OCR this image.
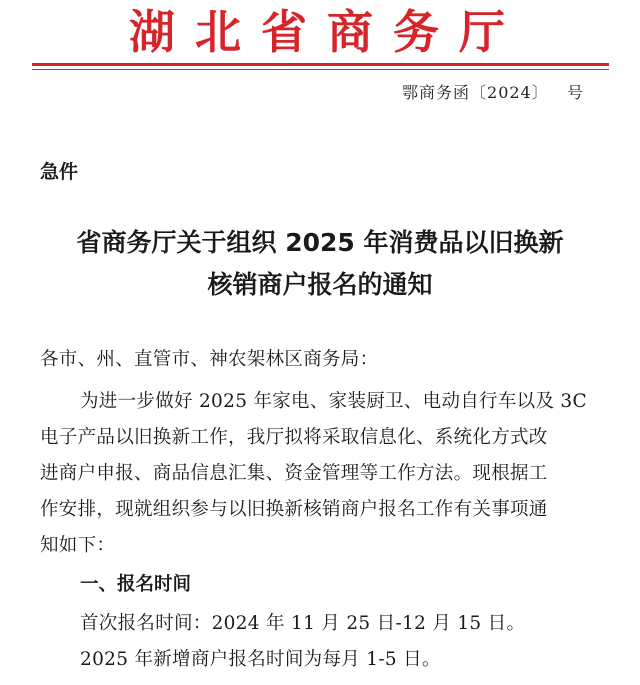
湖北省商务厅
鄂商务函〔2024〕   号
急件
省商务厅关于组织 2025 年消费品以旧换新
核销商户报名的通知
各市、州、直管市、神农架林区商务局：
为进一步做好 2025 年家电、家装厨卫、电动自行车以及 3C
电子产品以旧换新工作，我厅拟将采取信息化、系统化方式改
进商户申报、商品信息汇集、资金管理等工作方法。现根据工
作安排，现就组织参与以旧换新核销商户报名工作有关事项通
知如下：
一、报名时间
首次报名时间：2024 年 11 月 25 日-12 月 15 日。
2025 年新增商户报名时间为每月 1-5 日。
